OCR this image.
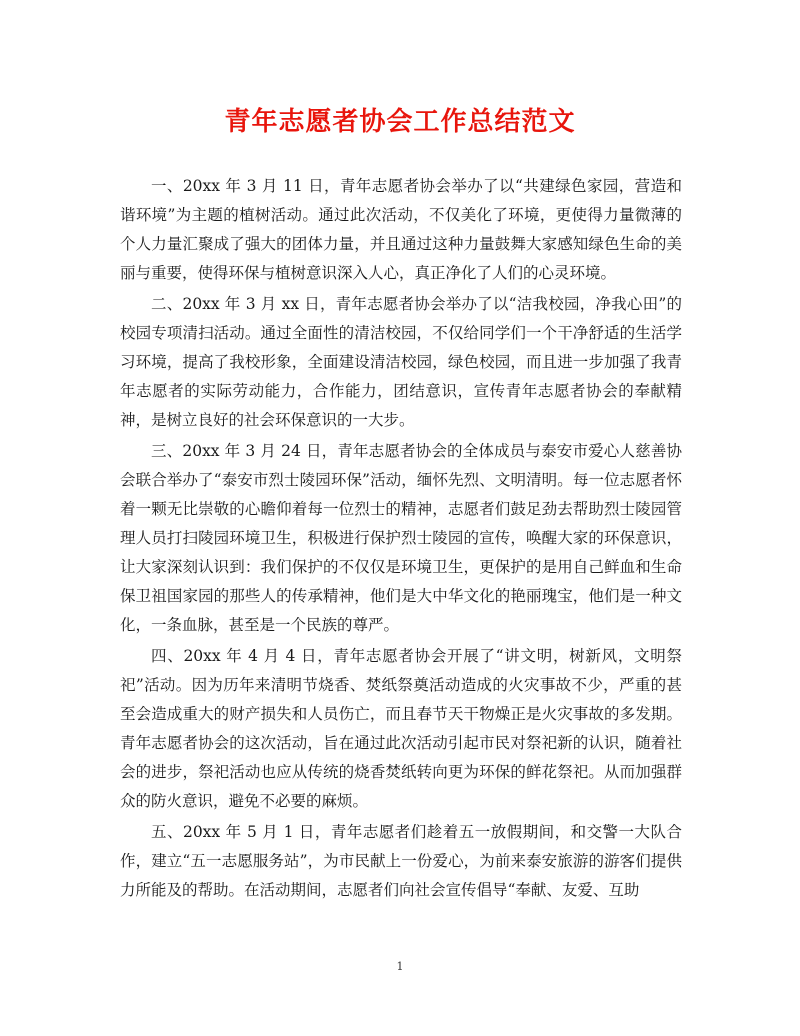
青年志愿者协会工作总结范文

一、20xx 年 3 月 11 日，青年志愿者协会举办了以“共建绿色家园，营造和谐环境”为主题的植树活动。通过此次活动，不仅美化了环境，更使得力量微薄的个人力量汇聚成了强大的团体力量，并且通过这种力量鼓舞大家感知绿色生命的美丽与重要，使得环保与植树意识深入人心，真正净化了人们的心灵环境。

二、20xx 年 3 月 xx 日，青年志愿者协会举办了以“洁我校园，净我心田”的校园专项清扫活动。通过全面性的清洁校园，不仅给同学们一个干净舒适的生活学习环境，提高了我校形象，全面建设清洁校园，绿色校园，而且进一步加强了我青年志愿者的实际劳动能力，合作能力，团结意识，宣传青年志愿者协会的奉献精神，是树立良好的社会环保意识的一大步。

三、20xx 年 3 月 24 日，青年志愿者协会的全体成员与泰安市爱心人慈善协会联合举办了“泰安市烈士陵园环保”活动，缅怀先烈、文明清明。每一位志愿者怀着一颗无比崇敬的心瞻仰着每一位烈士的精神，志愿者们鼓足劲去帮助烈士陵园管理人员打扫陵园环境卫生，积极进行保护烈士陵园的宣传，唤醒大家的环保意识，让大家深刻认识到：我们保护的不仅仅是环境卫生，更保护的是用自己鲜血和生命保卫祖国家园的那些人的传承精神，他们是大中华文化的艳丽瑰宝，他们是一种文化，一条血脉，甚至是一个民族的尊严。

四、20xx 年 4 月 4 日，青年志愿者协会开展了“讲文明，树新风，文明祭祀”活动。因为历年来清明节烧香、焚纸祭奠活动造成的火灾事故不少，严重的甚至会造成重大的财产损失和人员伤亡，而且春节天干物燥正是火灾事故的多发期。青年志愿者协会的这次活动，旨在通过此次活动引起市民对祭祀新的认识，随着社会的进步，祭祀活动也应从传统的烧香焚纸转向更为环保的鲜花祭祀。从而加强群众的防火意识，避免不必要的麻烦。

五、20xx 年 5 月 1 日，青年志愿者们趁着五一放假期间，和交警一大队合作，建立“五一志愿服务站”，为市民献上一份爱心，为前来泰安旅游的游客们提供力所能及的帮助。在活动期间，志愿者们向社会宣传倡导“奉献、友爱、互助

1
